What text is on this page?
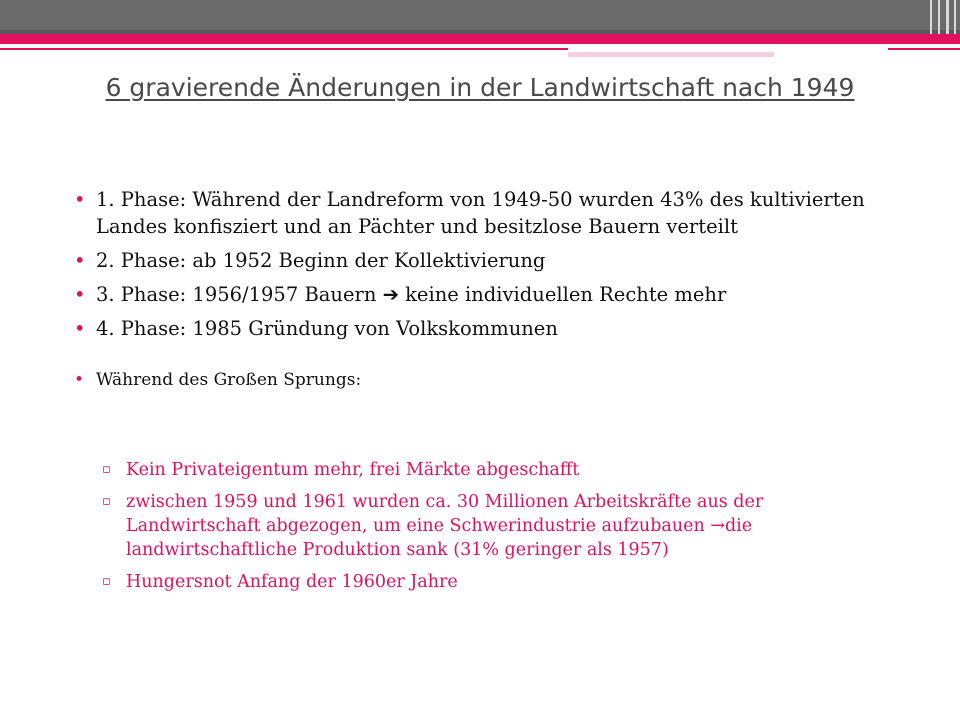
6 gravierende Änderungen in der Landwirtschaft nach 1949
• 1. Phase: Während der Landreform von 1949-50 wurden 43% des kultivierten Landes konfisziert und an Pächter und besitzlose Bauern verteilt
• 2. Phase: ab 1952 Beginn der Kollektivierung
• 3. Phase: 1956/1957 Bauern ➔ keine individuellen Rechte mehr
• 4. Phase: 1985 Gründung von Volkskommunen
• Während des Großen Sprungs:
▫ Kein Privateigentum mehr, frei Märkte abgeschafft
▫ zwischen 1959 und 1961 wurden ca. 30 Millionen Arbeitskräfte aus der Landwirtschaft abgezogen, um eine Schwerindustrie aufzubauen →die landwirtschaftliche Produktion sank (31% geringer als 1957)
▫ Hungersnot Anfang der 1960er Jahre
